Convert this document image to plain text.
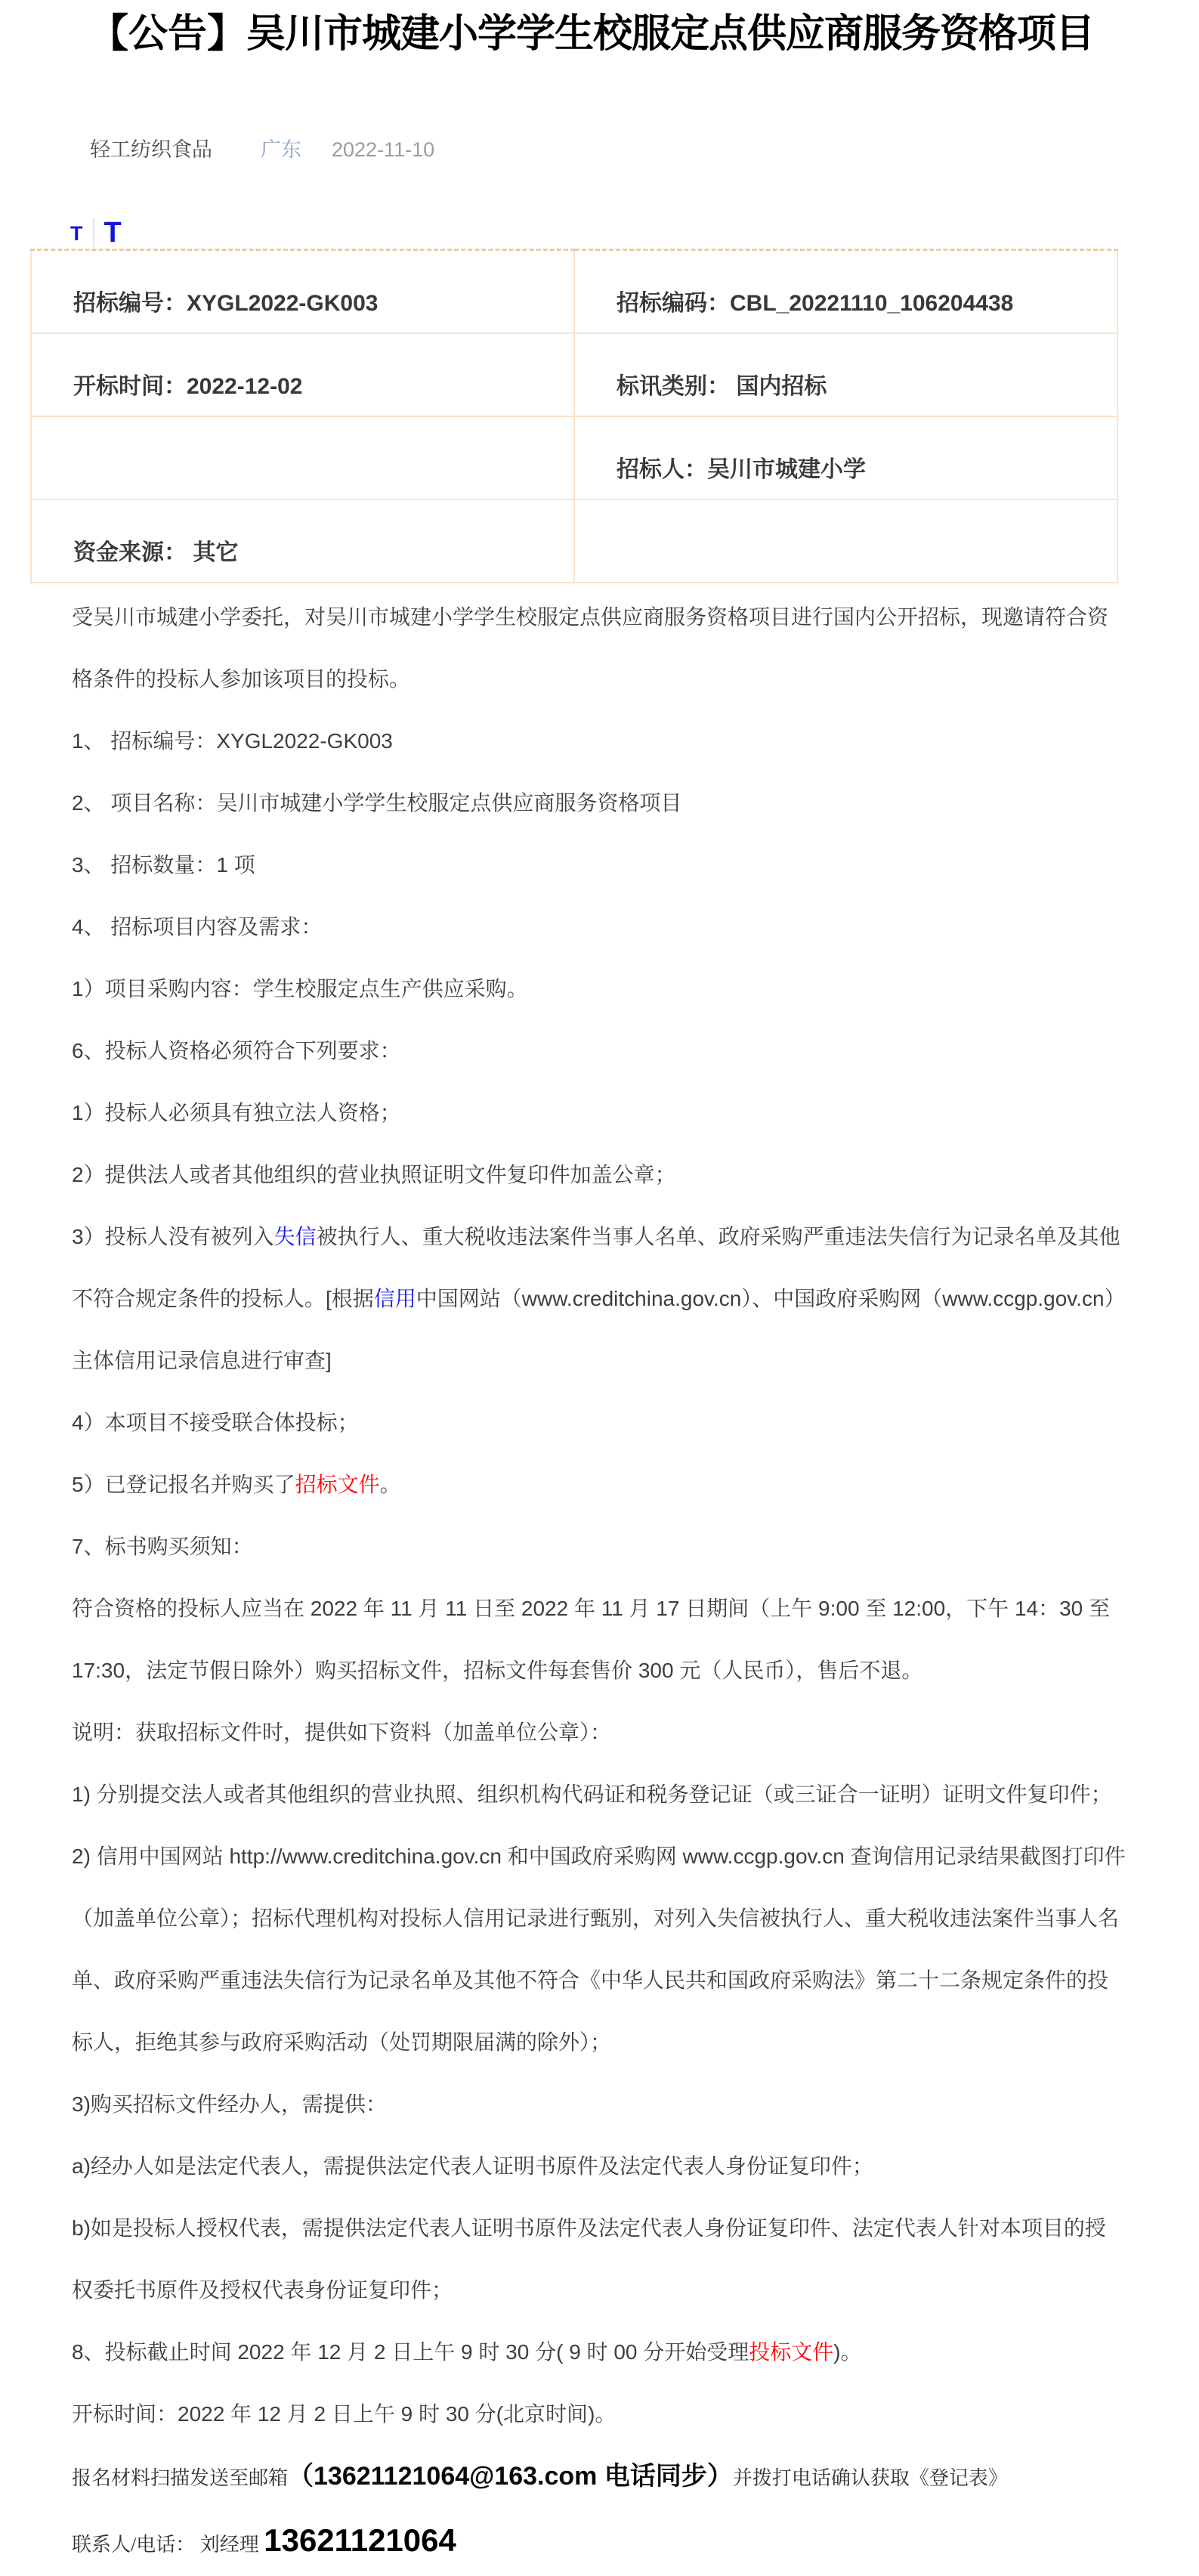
【公告】吴川市城建小学学生校服定点供应商服务资格项目
轻工纺织食品 广东 2022-11-10
T T
招标编号：XYGL2022-GK003	招标编码：CBL_20221110_106204438
开标时间：2022-12-02	标讯类别： 国内招标
	招标人：吴川市城建小学
资金来源： 其它	

受吴川市城建小学委托，对吴川市城建小学学生校服定点供应商服务资格项目进行国内公开招标，现邀请符合资格条件的投标人参加该项目的投标。

1、 招标编号：XYGL2022-GK003

2、 项目名称：吴川市城建小学学生校服定点供应商服务资格项目

3、 招标数量：1 项

4、 招标项目内容及需求：

1）项目采购内容：学生校服定点生产供应采购。

6、投标人资格必须符合下列要求：

1）投标人必须具有独立法人资格；

2）提供法人或者其他组织的营业执照证明文件复印件加盖公章；

3）投标人没有被列入失信被执行人、重大税收违法案件当事人名单、政府采购严重违法失信行为记录名单及其他不符合规定条件的投标人。[根据信用中国网站（www.creditchina.gov.cn）、中国政府采购网（www.ccgp.gov.cn）主体信用记录信息进行审查]

4）本项目不接受联合体投标；

5）已登记报名并购买了招标文件。

7、标书购买须知：

符合资格的投标人应当在 2022 年 11 月 11 日至 2022 年 11 月 17 日期间（上午 9:00 至 12:00，下午 14：30 至 17:30，法定节假日除外）购买招标文件，招标文件每套售价 300 元（人民币），售后不退。

说明：获取招标文件时，提供如下资料（加盖单位公章）：

1) 分别提交法人或者其他组织的营业执照、组织机构代码证和税务登记证（或三证合一证明）证明文件复印件；

2) 信用中国网站 http://www.creditchina.gov.cn 和中国政府采购网 www.ccgp.gov.cn 查询信用记录结果截图打印件（加盖单位公章）；招标代理机构对投标人信用记录进行甄别，对列入失信被执行人、重大税收违法案件当事人名单、政府采购严重违法失信行为记录名单及其他不符合《中华人民共和国政府采购法》第二十二条规定条件的投标人，拒绝其参与政府采购活动（处罚期限届满的除外）；

3)购买招标文件经办人，需提供：

a)经办人如是法定代表人，需提供法定代表人证明书原件及法定代表人身份证复印件；

b)如是投标人授权代表，需提供法定代表人证明书原件及法定代表人身份证复印件、法定代表人针对本项目的授权委托书原件及授权代表身份证复印件；

8、投标截止时间 2022 年 12 月 2 日上午 9 时 30 分( 9 时 00 分开始受理投标文件)。

开标时间：2022 年 12 月 2 日上午 9 时 30 分(北京时间)。

报名材料扫描发送至邮箱（13621121064@163.com 电话同步）并拨打电话确认获取《登记表》

联系人/电话： 刘经理 13621121064
